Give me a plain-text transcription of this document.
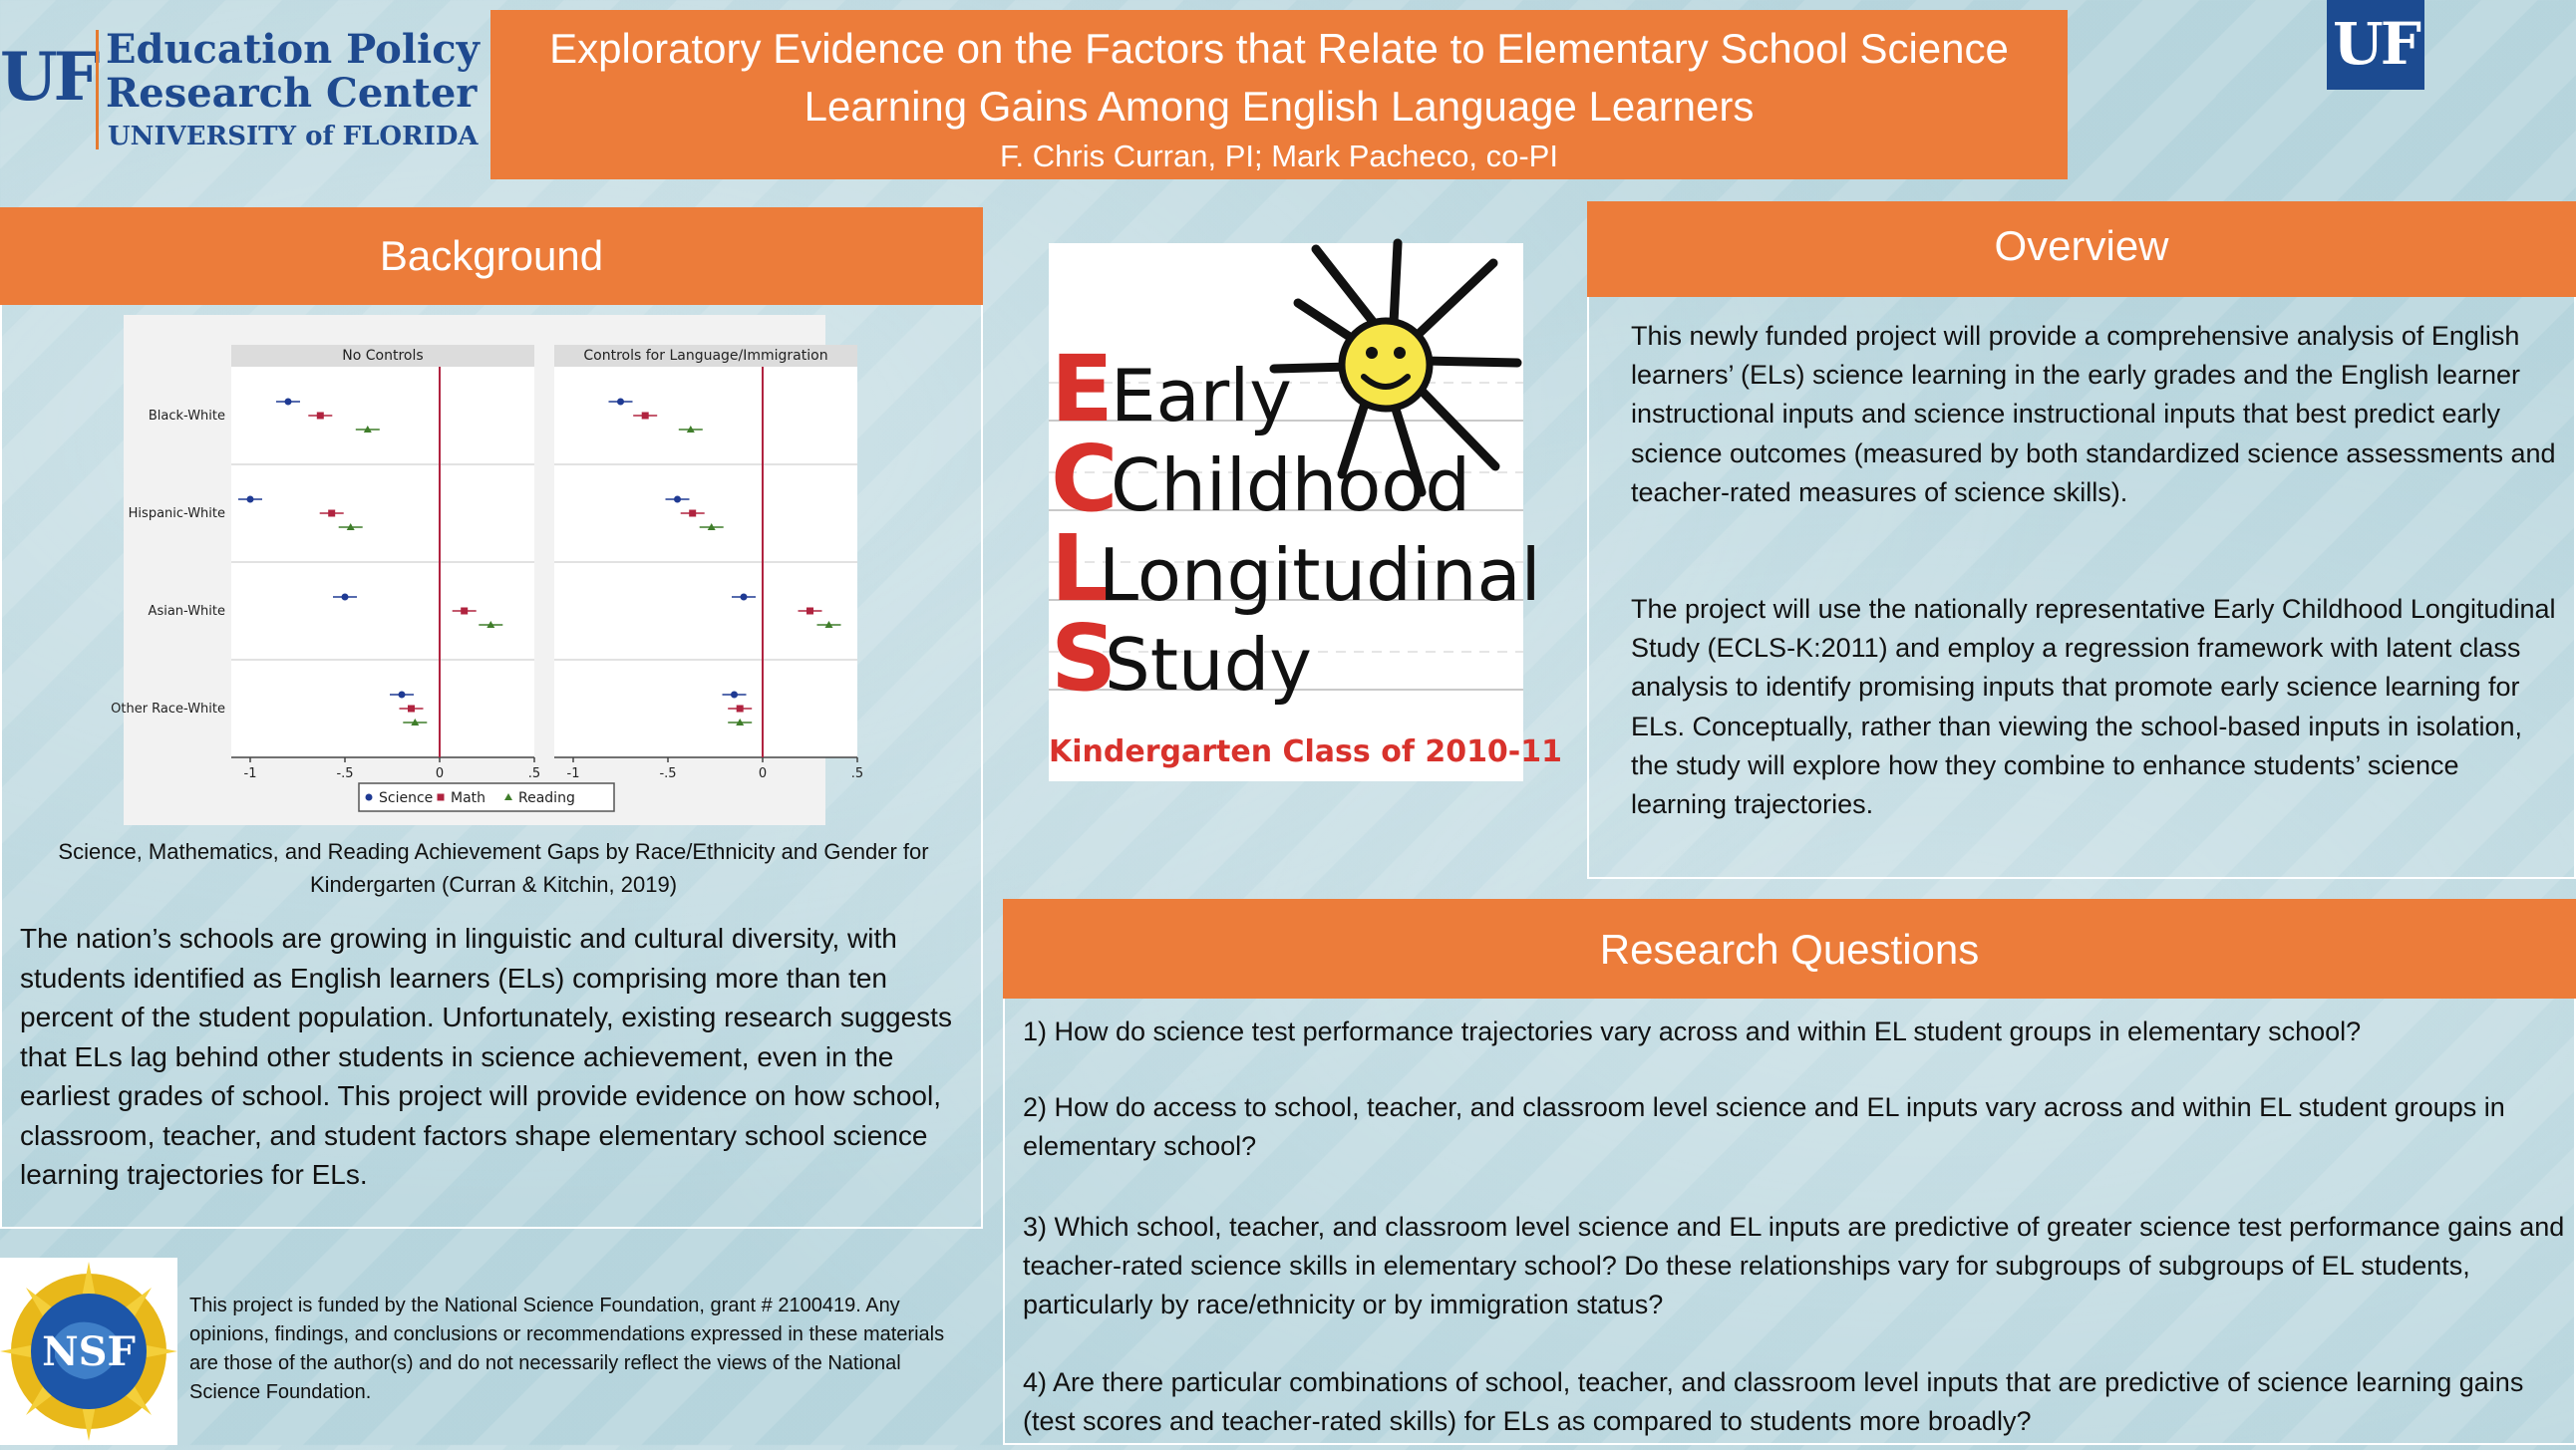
UF Education Policy
Research Center
UNIVERSITY of FLORIDA
Exploratory Evidence on the Factors that Relate to Elementary School Science
Learning Gains Among English Language Learners
F. Chris Curran, PI; Mark Pacheco, co-PI
UF
Background
No Controls
-1	-.5	0	.5
Controls for Language/Immigration
-1	-.5	0	.5
Black-White
Hispanic-White
Asian-White
Other Race-White
Science Math Reading
Science, Mathematics, and Reading Achievement Gaps by Race/Ethnicity and Gender for Kindergarten (Curran & Kitchin, 2019)
The nation’s schools are growing in linguistic and cultural diversity, with students identified as English learners (ELs) comprising more than ten percent of the student population. Unfortunately, existing research suggests that ELs lag behind other students in science achievement, even in the earliest grades of school. This project will provide evidence on how school, classroom, teacher, and student factors shape elementary school science learning trajectories for ELs.
NSF
This project is funded by the National Science Foundation, grant # 2100419. Any opinions, findings, and conclusions or recommendations expressed in these materials are those of the author(s) and do not necessarily reflect the views of the National Science Foundation.
E
C
L
S
Early
Childhood
Longitudinal
Study
Kindergarten Class of 2010-11
Overview
This newly funded project will provide a comprehensive analysis of English learners’ (ELs) science learning in the early grades and the English learner instructional inputs and science instructional inputs that best predict early science outcomes (measured by both standardized science assessments and teacher-rated measures of science skills).
The project will use the nationally representative Early Childhood Longitudinal Study (ECLS-K:2011) and employ a regression framework with latent class analysis to identify promising inputs that promote early science learning for ELs. Conceptually, rather than viewing the school-based inputs in isolation, the study will explore how they combine to enhance students’ science learning trajectories.
Research Questions
1) How do science test performance trajectories vary across and within EL student groups in elementary school?
2) How do access to school, teacher, and classroom level science and EL inputs vary across and within EL student groups in elementary school?
3) Which school, teacher, and classroom level science and EL inputs are predictive of greater science test performance gains and teacher-rated science skills in elementary school? Do these relationships vary for subgroups of subgroups of EL students, particularly by race/ethnicity or by immigration status?
4) Are there particular combinations of school, teacher, and classroom level inputs that are predictive of science learning gains (test scores and teacher-rated skills) for ELs as compared to students more broadly?
